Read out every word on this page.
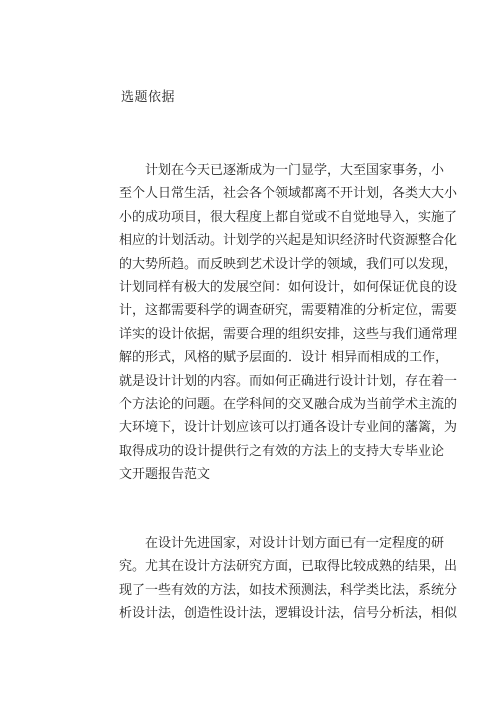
选题依据
计划在今天已逐渐成为一门显学，大至国家事务，小
至个人日常生活，社会各个领域都离不开计划，各类大大小
小的成功项目，很大程度上都自觉或不自觉地导入，实施了
相应的计划活动。计划学的兴起是知识经济时代资源整合化
的大势所趋。而反映到艺术设计学的领域，我们可以发现，
计划同样有极大的发展空间：如何设计，如何保证优良的设
计，这都需要科学的调查研究，需要精准的分析定位，需要
详实的设计依据，需要合理的组织安排，这些与我们通常理
解的形式，风格的赋予层面的．设计 相异而相成的工作，
就是设计计划的内容。而如何正确进行设计计划，存在着一
个方法论的问题。在学科间的交叉融合成为当前学术主流的
大环境下，设计计划应该可以打通各设计专业间的藩篱，为
取得成功的设计提供行之有效的方法上的支持大专毕业论
文开题报告范文
在设计先进国家，对设计计划方面已有一定程度的研
究。尤其在设计方法研究方面，已取得比较成熟的结果，出
现了一些有效的方法，如技术预测法，科学类比法，系统分
析设计法，创造性设计法，逻辑设计法，信号分析法，相似
